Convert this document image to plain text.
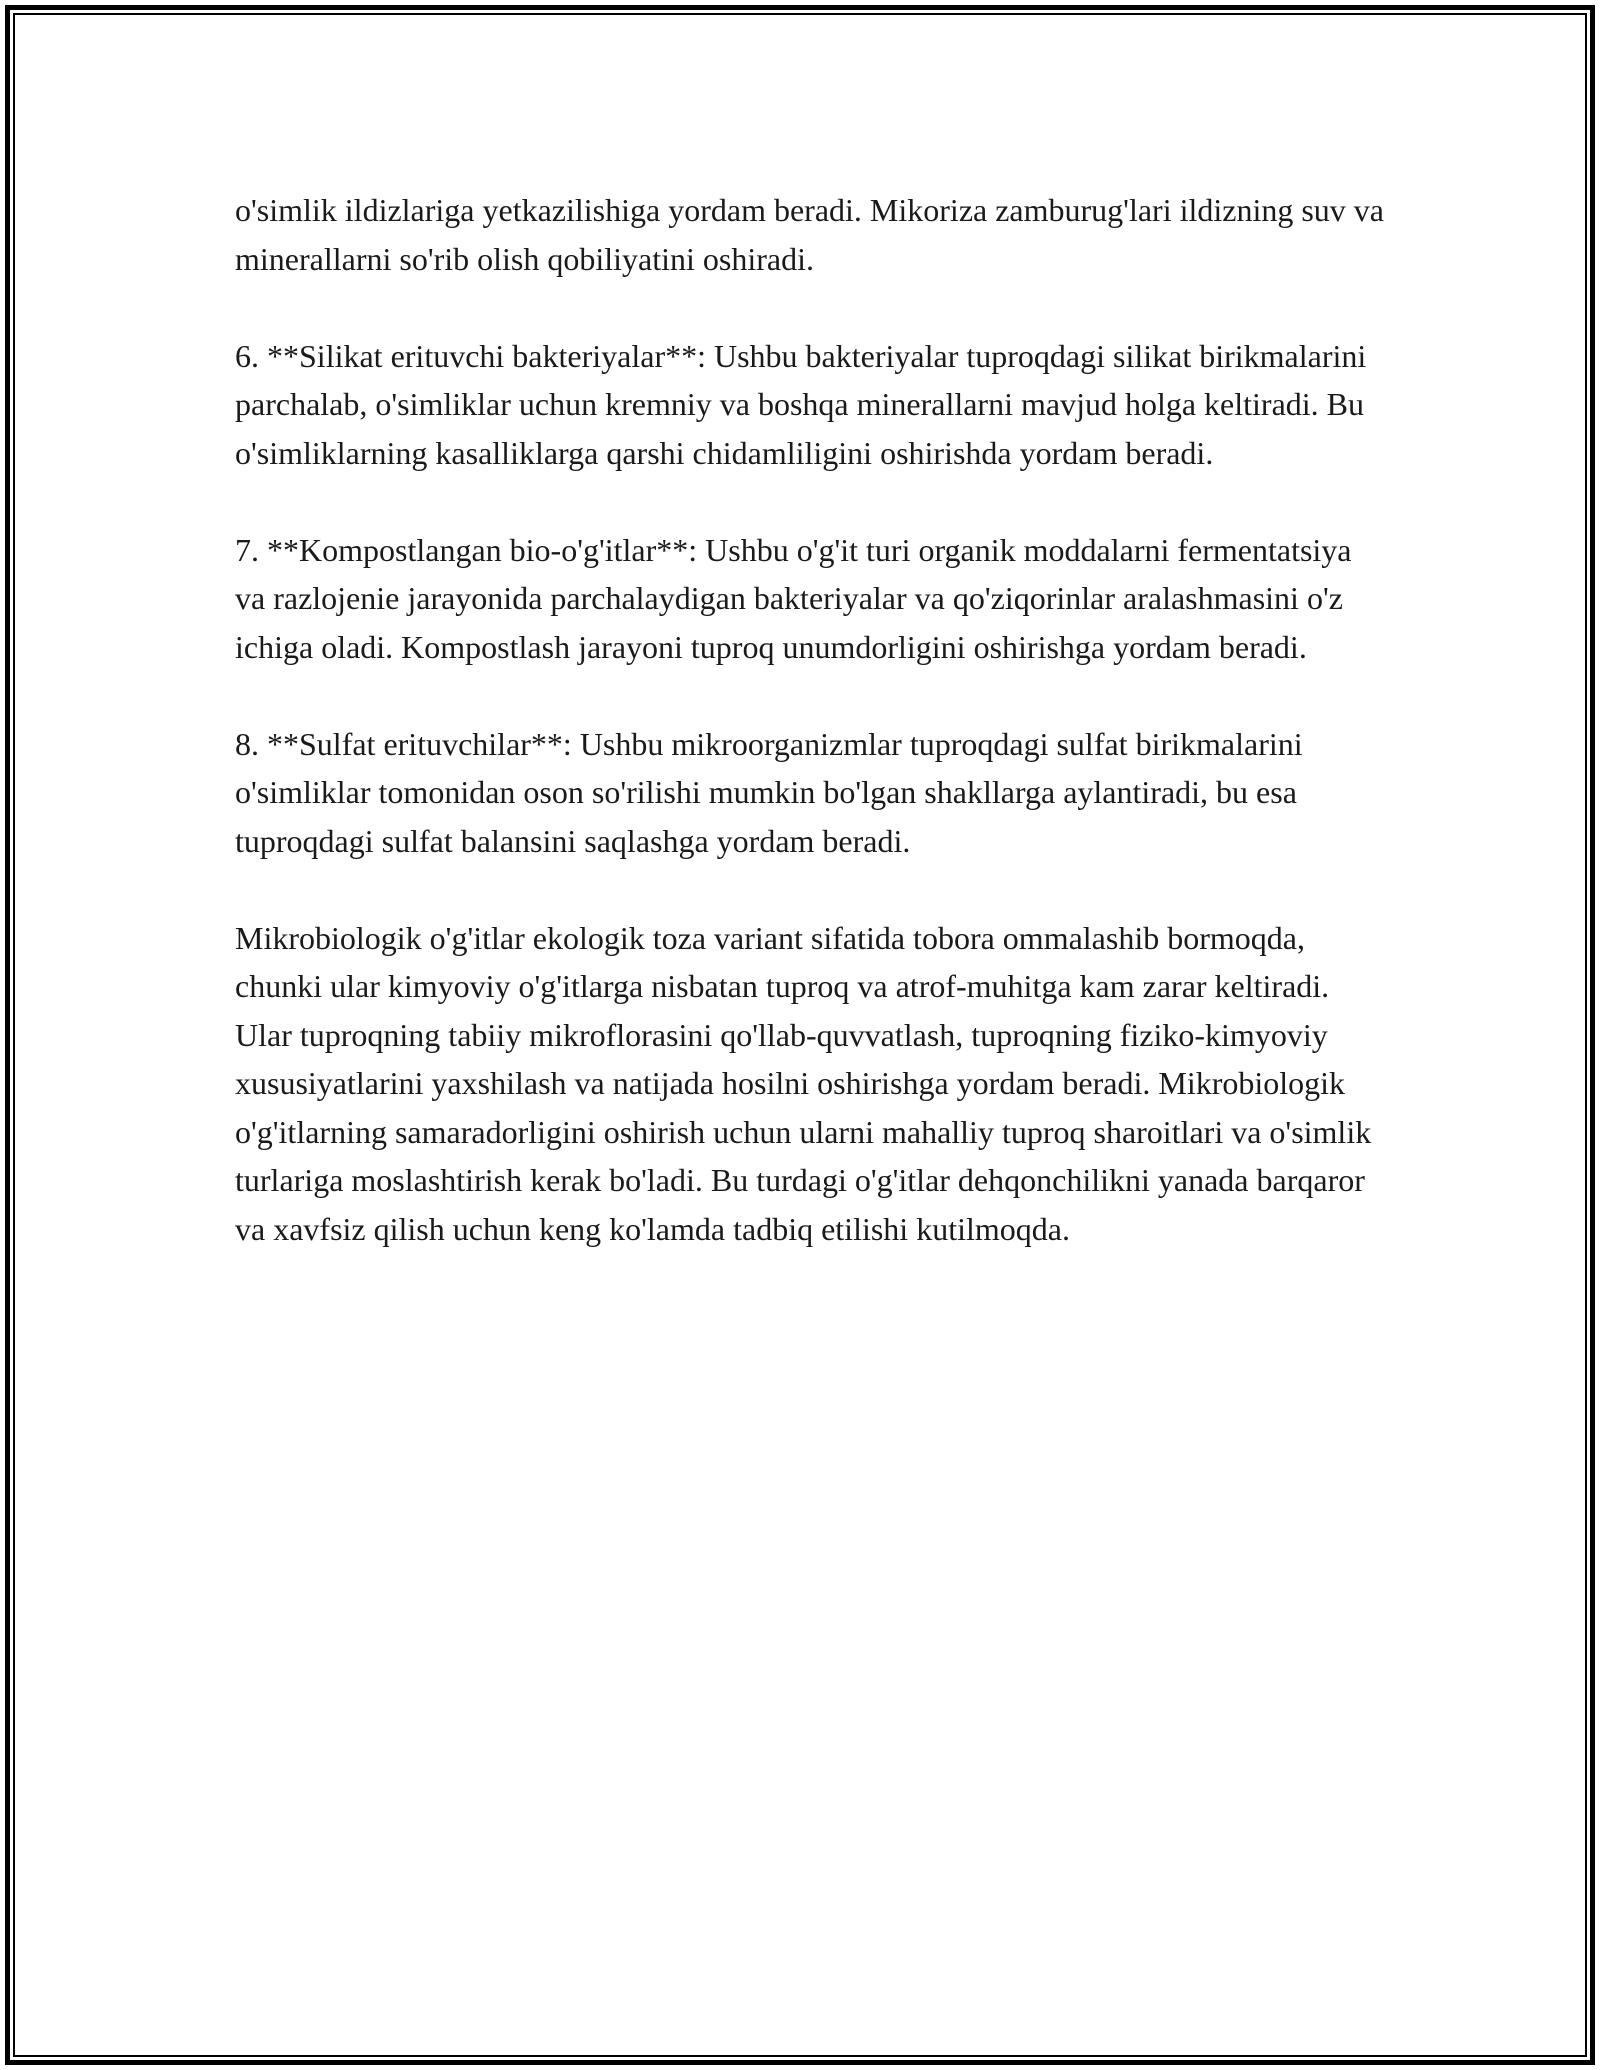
o'simlik ildizlariga yetkazilishiga yordam beradi. Mikoriza zamburug'lari ildizning suv va minerallarni so'rib olish qobiliyatini oshiradi.

6. **Silikat erituvchi bakteriyalar**: Ushbu bakteriyalar tuproqdagi silikat birikmalarini parchalab, o'simliklar uchun kremniy va boshqa minerallarni mavjud holga keltiradi. Bu o'simliklarning kasalliklarga qarshi chidamliligini oshirishda yordam beradi.

7. **Kompostlangan bio-o'g'itlar**: Ushbu o'g'it turi organik moddalarni fermentatsiya va razlojenie jarayonida parchalaydigan bakteriyalar va qo'ziqorinlar aralashmasini o'z ichiga oladi. Kompostlash jarayoni tuproq unumdorligini oshirishga yordam beradi.

8. **Sulfat erituvchilar**: Ushbu mikroorganizmlar tuproqdagi sulfat birikmalarini o'simliklar tomonidan oson so'rilishi mumkin bo'lgan shakllarga aylantiradi, bu esa tuproqdagi sulfat balansini saqlashga yordam beradi.

Mikrobiologik o'g'itlar ekologik toza variant sifatida tobora ommalashib bormoqda, chunki ular kimyoviy o'g'itlarga nisbatan tuproq va atrof-muhitga kam zarar keltiradi. Ular tuproqning tabiiy mikroflorasini qo'llab-quvvatlash, tuproqning fiziko-kimyoviy xususiyatlarini yaxshilash va natijada hosilni oshirishga yordam beradi. Mikrobiologik o'g'itlarning samaradorligini oshirish uchun ularni mahalliy tuproq sharoitlari va o'simlik turlariga moslashtirish kerak bo'ladi. Bu turdagi o'g'itlar dehqonchilikni yanada barqaror va xavfsiz qilish uchun keng ko'lamda tadbiq etilishi kutilmoqda.
